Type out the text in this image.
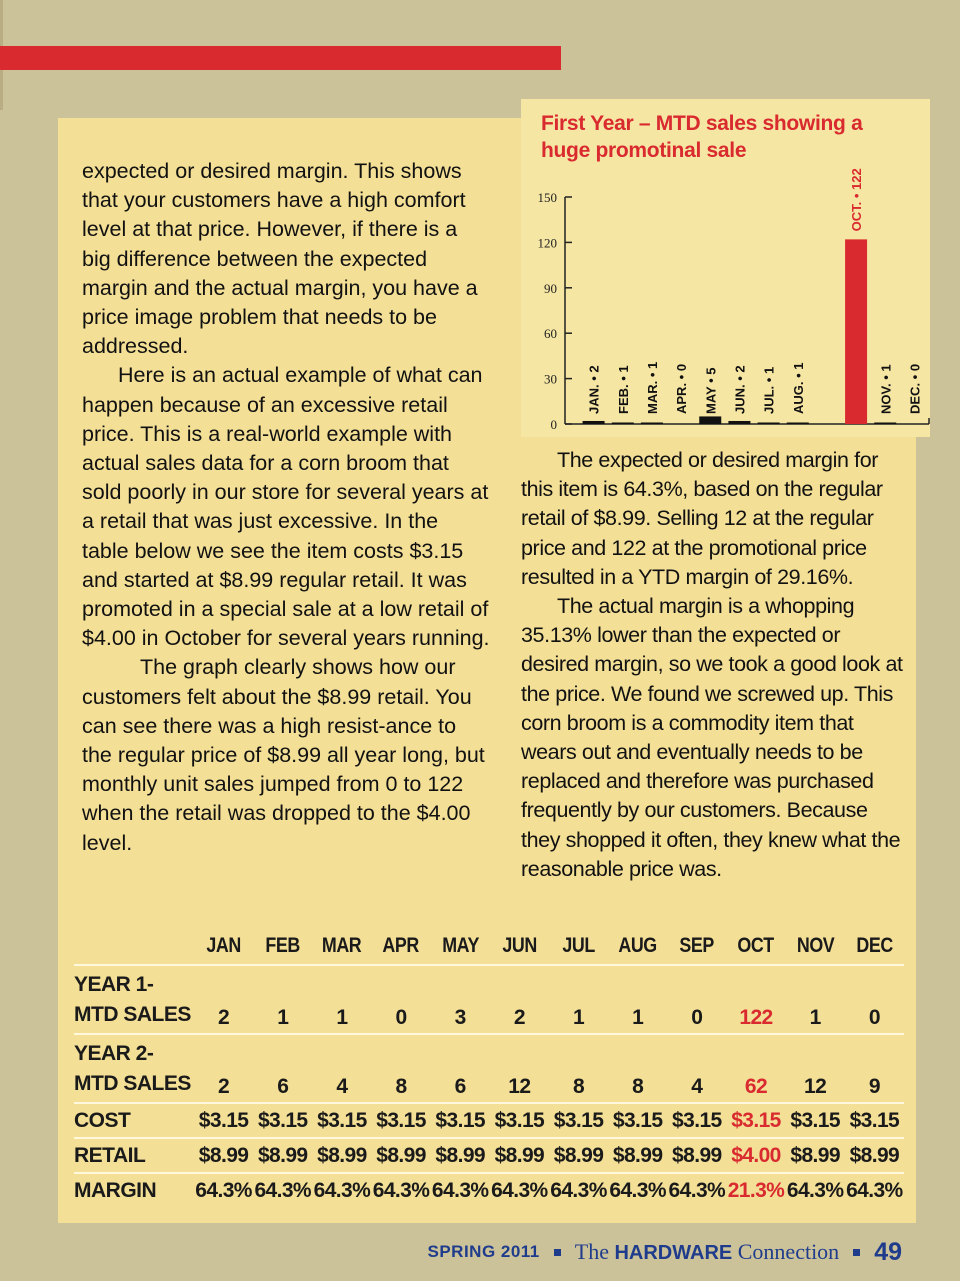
expected or desired margin. This shows that your customers have a high comfort level at that price. However, if there is a big difference between the expected margin and the actual margin, you have a price image problem that needs to be addressed.

Here is an actual example of what can happen because of an excessive retail price. This is a real-world example with actual sales data for a corn broom that sold poorly in our store for several years at a retail that was just excessive. In the table below we see the item costs $3.15 and started at $8.99 regular retail. It was promoted in a special sale at a low retail of $4.00 in October for several years running.

The graph clearly shows how our customers felt about the $8.99 retail. You can see there was a high resist-ance to the regular price of $8.99 all year long, but monthly unit sales jumped from 0 to 122 when the retail was dropped to the $4.00 level.

First Year – MTD sales showing a huge promotinal sale
0
30
60
90
120
150
JAN. • 2 FEB. • 1 MAR. • 1 APR. • 0 MAY • 5 JUN. • 2 JUL. • 1 AUG. • 1
OCT. • 122
NOV. • 1 DEC. • 0

The expected or desired margin for this item is 64.3%, based on the regular retail of $8.99. Selling 12 at the regular price and 122 at the promotional price resulted in a YTD margin of 29.16%.

The actual margin is a whopping 35.13% lower than the expected or desired margin, so we took a good look at the price. We found we screwed up. This corn broom is a commodity item that wears out and eventually needs to be replaced and therefore was purchased frequently by our customers. Because they shopped it often, they knew what the reasonable price was.

	JAN	FEB	MAR	APR	MAY	JUN	JUL	AUG	SEP	OCT	NOV	DEC

YEAR 1-
MTD SALES	2	1	1	0	3	2	1	1	0	122	1	0

YEAR 2-
MTD SALES	2	6	4	8	6	12	8	8	4	62	12	9

COST	$3.15	$3.15	$3.15	$3.15	$3.15	$3.15	$3.15	$3.15	$3.15	$3.15	$3.15	$3.15

RETAIL	$8.99	$8.99	$8.99	$8.99	$8.99	$8.99	$8.99	$8.99	$8.99	$4.00	$8.99	$8.99

MARGIN	64.3%	64.3%	64.3%	64.3%	64.3%	64.3%	64.3%	64.3%	64.3%	21.3%	64.3%	64.3%
SPRING 2011 The HARDWARE Connection 49
